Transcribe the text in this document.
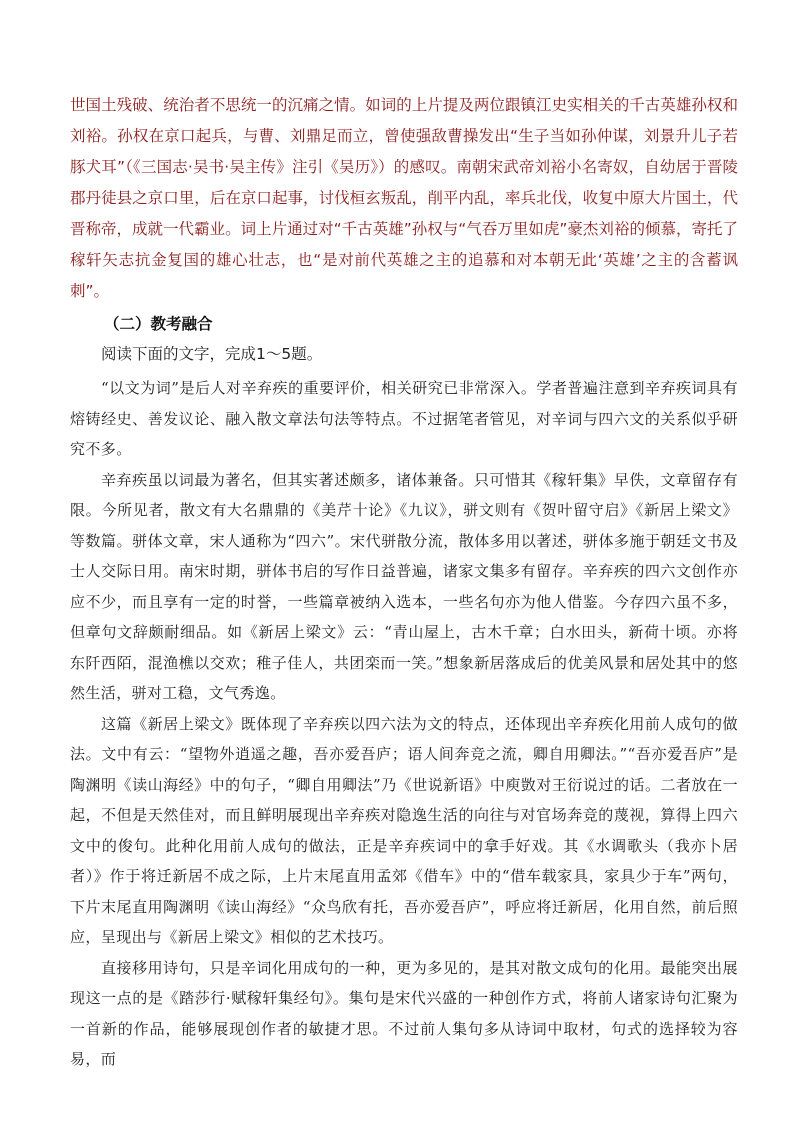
世国土残破、统治者不思统一的沉痛之情。如词的上片提及两位跟镇江史实相关的千古英雄孙权和刘裕。孙权在京口起兵，与曹、刘鼎足而立，曾使强敌曹操发出“生子当如孙仲谋，刘景升儿子若豚犬耳”（《三国志·吴书·吴主传》注引《吴历》）的感叹。南朝宋武帝刘裕小名寄奴，自幼居于晋陵郡丹徒县之京口里，后在京口起事，讨伐桓玄叛乱，削平内乱，率兵北伐，收复中原大片国土，代晋称帝，成就一代霸业。词上片通过对“千古英雄”孙权与“气吞万里如虎”豪杰刘裕的倾慕，寄托了稼轩矢志抗金复国的雄心壮志，也“是对前代英雄之主的追慕和对本朝无此‘英雄’之主的含蓄讽刺”。

（二）教考融合

阅读下面的文字，完成1～5题。

“以文为词”是后人对辛弃疾的重要评价，相关研究已非常深入。学者普遍注意到辛弃疾词具有熔铸经史、善发议论、融入散文章法句法等特点。不过据笔者管见，对辛词与四六文的关系似乎研究不多。

辛弃疾虽以词最为著名，但其实著述颇多，诸体兼备。只可惜其《稼轩集》早佚，文章留存有限。今所见者，散文有大名鼎鼎的《美芹十论》《九议》，骈文则有《贺叶留守启》《新居上梁文》等数篇。骈体文章，宋人通称为“四六”。宋代骈散分流，散体多用以著述，骈体多施于朝廷文书及士人交际日用。南宋时期，骈体书启的写作日益普遍，诸家文集多有留存。辛弃疾的四六文创作亦应不少，而且享有一定的时誉，一些篇章被纳入选本，一些名句亦为他人借鉴。今存四六虽不多，但章句文辞颇耐细品。如《新居上梁文》云：“青山屋上，古木千章；白水田头，新荷十顷。亦将东阡西陌，混渔樵以交欢；稚子佳人，共团栾而一笑。”想象新居落成后的优美风景和居处其中的悠然生活，骈对工稳，文气秀逸。

这篇《新居上梁文》既体现了辛弃疾以四六法为文的特点，还体现出辛弃疾化用前人成句的做法。文中有云：“望物外逍遥之趣，吾亦爱吾庐；语人间奔竞之流，卿自用卿法。”“吾亦爱吾庐”是陶渊明《读山海经》中的句子，“卿自用卿法”乃《世说新语》中庾敳对王衍说过的话。二者放在一起，不但是天然佳对，而且鲜明展现出辛弃疾对隐逸生活的向往与对官场奔竞的蔑视，算得上四六文中的俊句。此种化用前人成句的做法，正是辛弃疾词中的拿手好戏。其《水调歌头（我亦卜居者）》作于将迁新居不成之际，上片末尾直用孟郊《借车》中的“借车载家具，家具少于车”两句，下片末尾直用陶渊明《读山海经》“众鸟欣有托，吾亦爱吾庐”，呼应将迁新居，化用自然，前后照应，呈现出与《新居上梁文》相似的艺术技巧。

直接移用诗句，只是辛词化用成句的一种，更为多见的，是其对散文成句的化用。最能突出展现这一点的是《踏莎行·赋稼轩集经句》。集句是宋代兴盛的一种创作方式，将前人诸家诗句汇聚为一首新的作品，能够展现创作者的敏捷才思。不过前人集句多从诗词中取材，句式的选择较为容易，而
